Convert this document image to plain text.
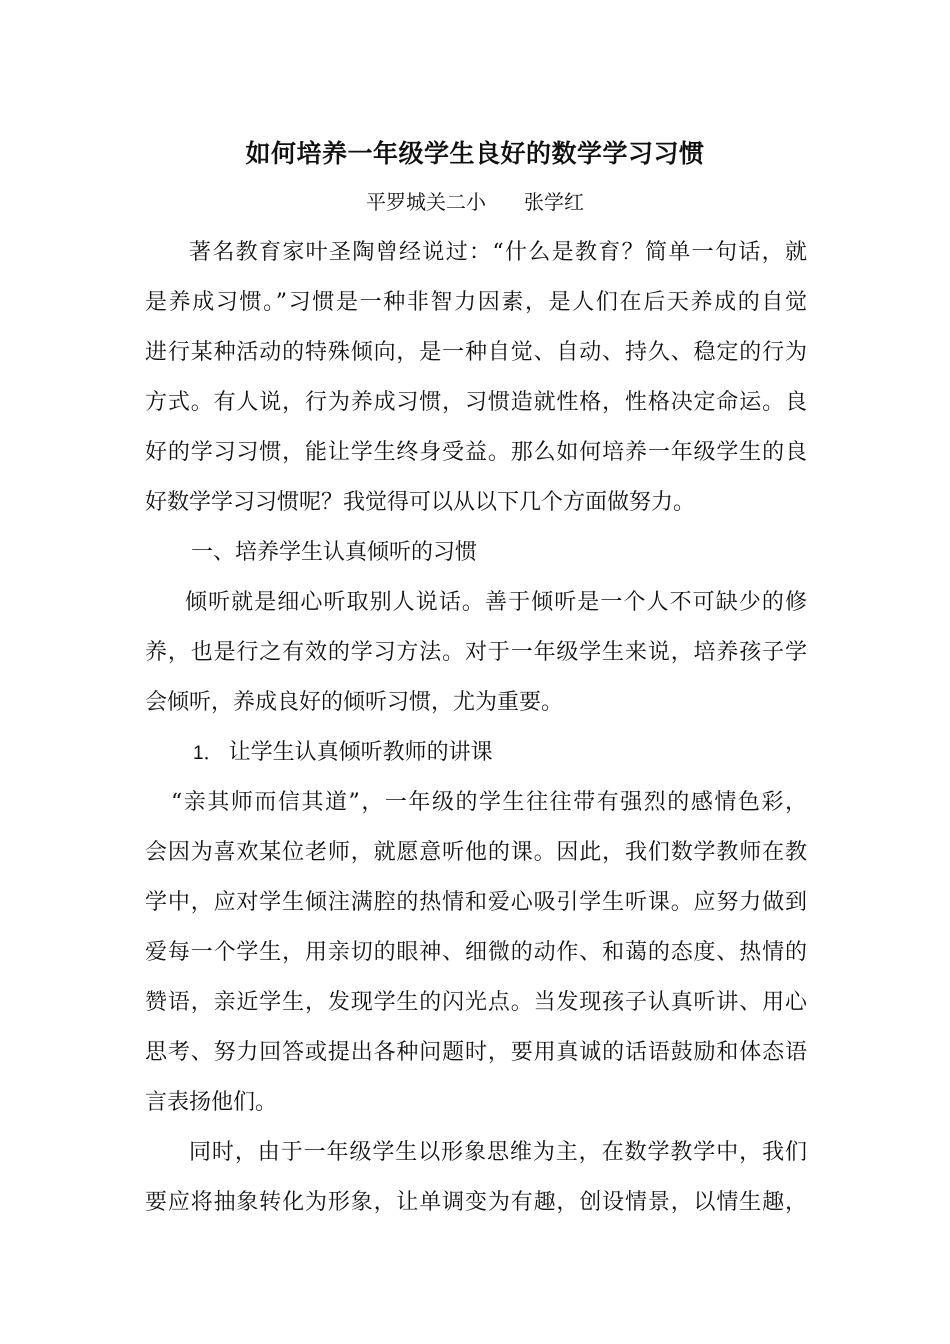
如何培养一年级学生良好的数学学习习惯
平罗城关二小 张学红
著名教育家叶圣陶曾经说过：“什么是教育？简单一句话，就
是养成习惯。”习惯是一种非智力因素，是人们在后天养成的自觉
进行某种活动的特殊倾向，是一种自觉、自动、持久、稳定的行为
方式。有人说，行为养成习惯，习惯造就性格，性格决定命运。良
好的学习习惯，能让学生终身受益。那么如何培养一年级学生的良
好数学学习习惯呢？我觉得可以从以下几个方面做努力。
一、培养学生认真倾听的习惯
倾听就是细心听取别人说话。善于倾听是一个人不可缺少的修
养，也是行之有效的学习方法。对于一年级学生来说，培养孩子学
会倾听，养成良好的倾听习惯，尤为重要。
1． 让学生认真倾听教师的讲课
“亲其师而信其道”，一年级的学生往往带有强烈的感情色彩，
会因为喜欢某位老师，就愿意听他的课。因此，我们数学教师在教
学中，应对学生倾注满腔的热情和爱心吸引学生听课。应努力做到
爱每一个学生，用亲切的眼神、细微的动作、和蔼的态度、热情的
赞语，亲近学生，发现学生的闪光点。当发现孩子认真听讲、用心
思考、努力回答或提出各种问题时，要用真诚的话语鼓励和体态语
言表扬他们。
同时，由于一年级学生以形象思维为主，在数学教学中，我们
要应将抽象转化为形象，让单调变为有趣，创设情景，以情生趣，
